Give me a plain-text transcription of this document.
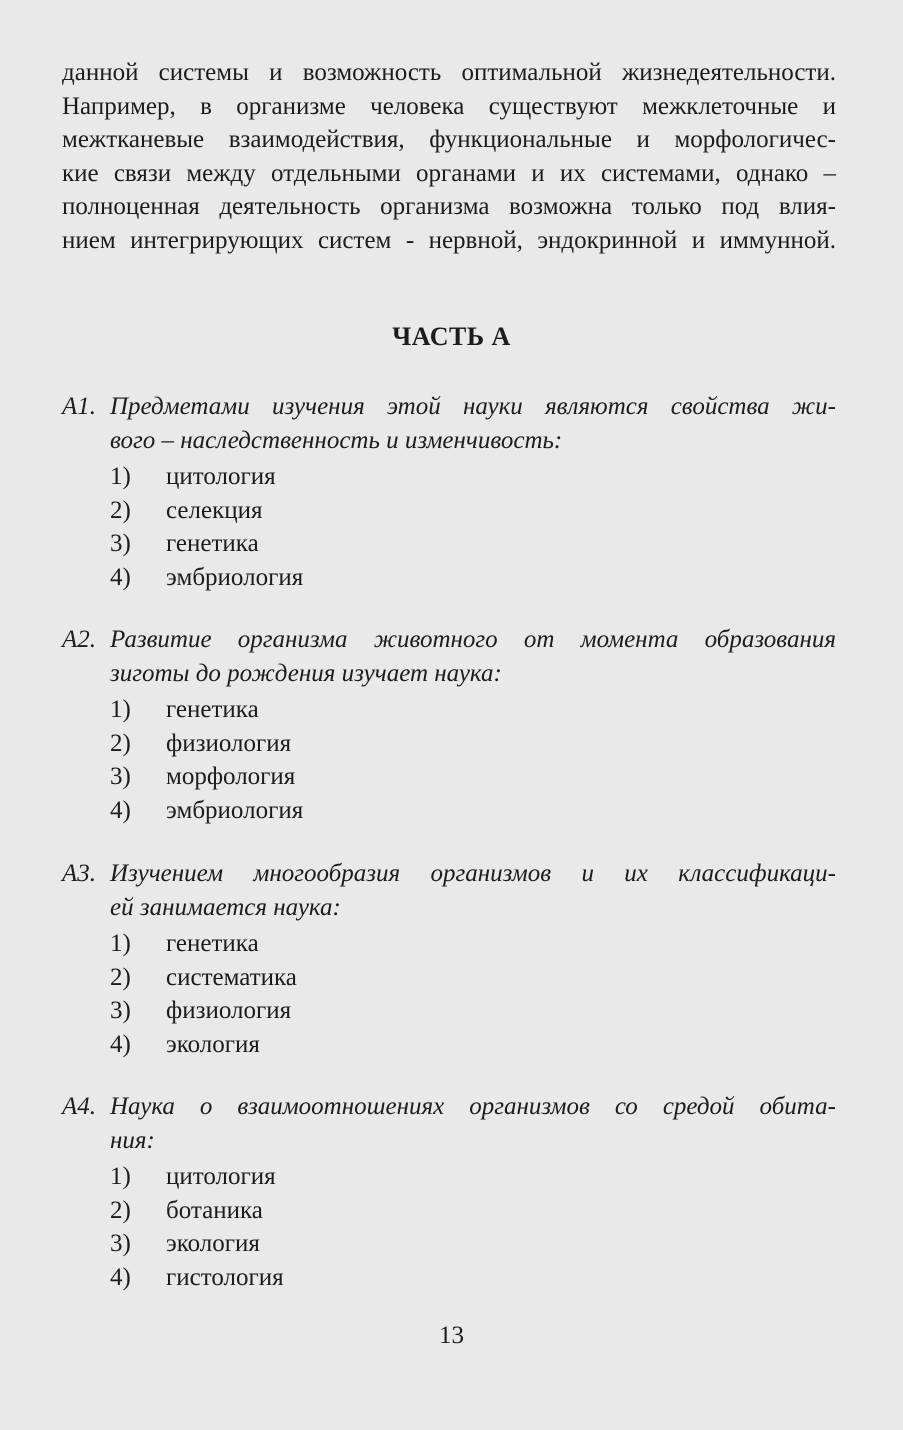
данной системы и возможность оптимальной жизнедеятельности.
Например, в организме человека существуют межклеточные и
межтканевые взаимодействия, функциональные и морфологичес-
кие связи между отдельными органами и их системами, однако –
полноценная деятельность организма возможна только под влия-
нием интегрирующих систем - нервной, эндокринной и иммунной.
ЧАСТЬ А
А1. Предметами изучения этой науки являются свойства жи-
вого – наследственность и изменчивость:
1) цитология
2) селекция
3) генетика
4) эмбриология
А2. Развитие организма животного от момента образования
зиготы до рождения изучает наука:
1) генетика
2) физиология
3) морфология
4) эмбриология
А3. Изучением многообразия организмов и их классификаци-
ей занимается наука:
1) генетика
2) систематика
3) физиология
4) экология
А4. Наука о взаимоотношениях организмов со средой обита-
ния:
1) цитология
2) ботаника
3) экология
4) гистология
13
